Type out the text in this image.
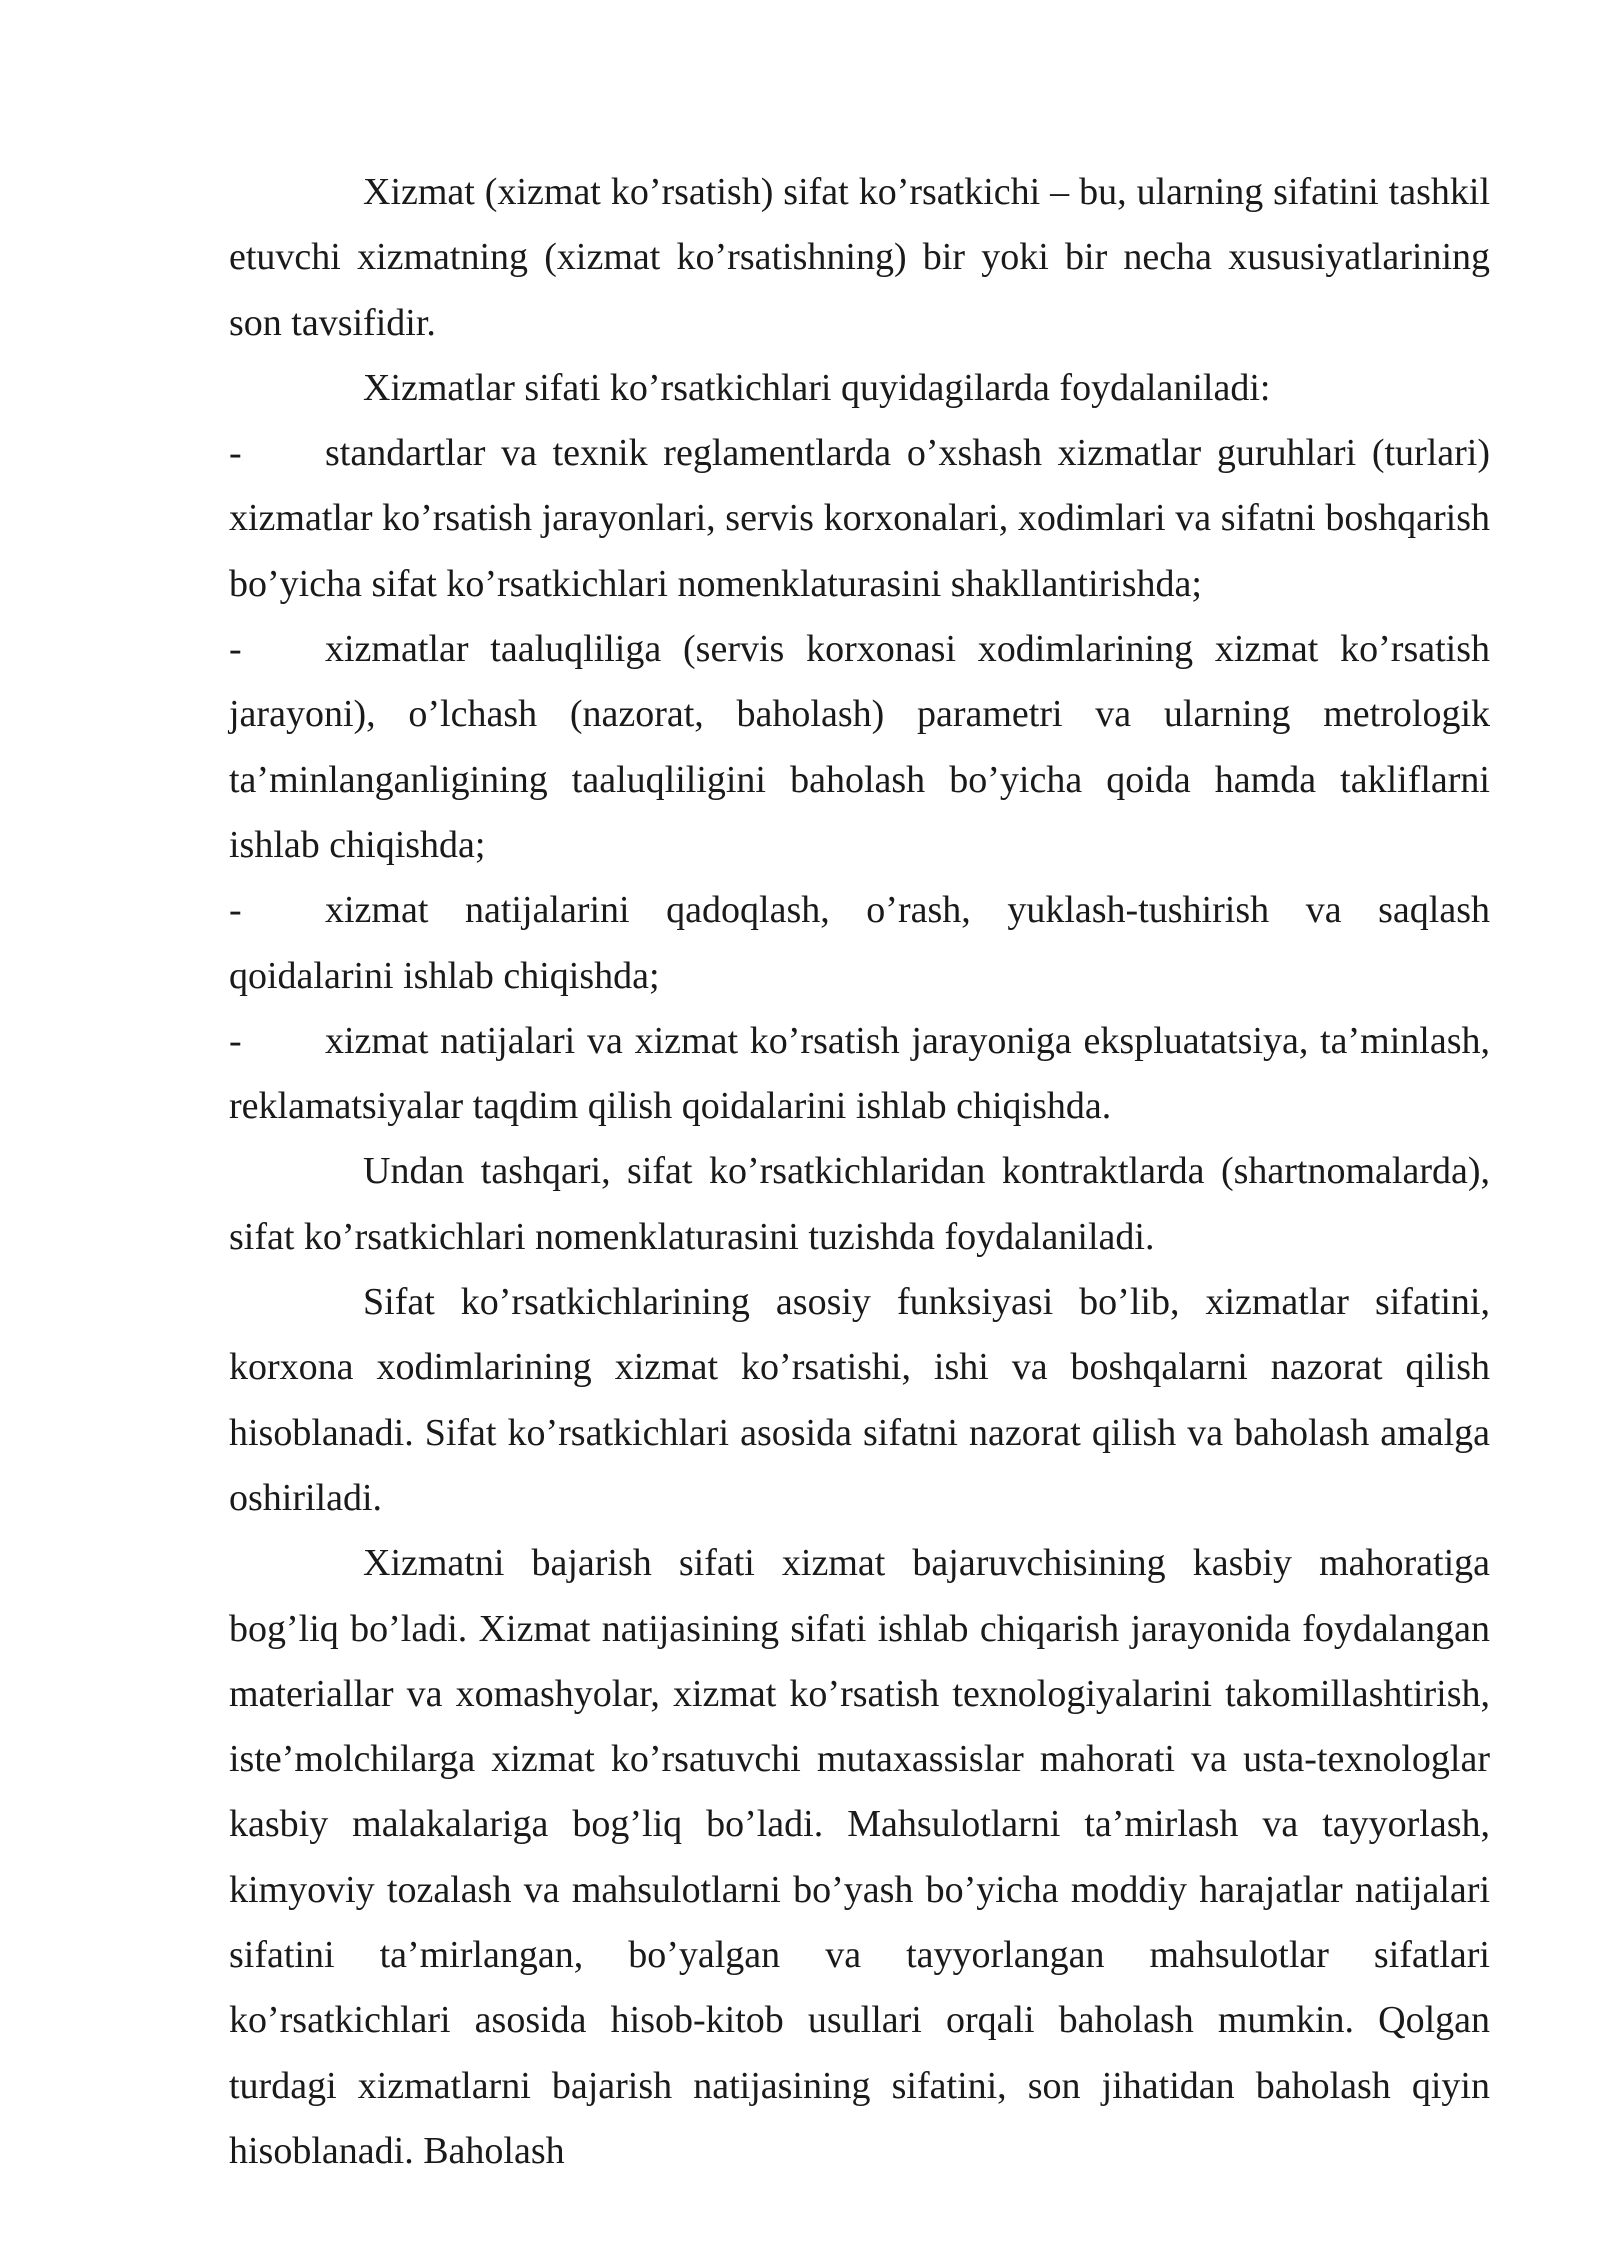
Xizmat (xizmat ko’rsatish) sifat ko’rsatkichi – bu, ularning sifatini tashkil etuvchi xizmatning (xizmat ko’rsatishning) bir yoki bir necha xususiyatlarining son tavsifidir.

Xizmatlar sifati ko’rsatkichlari quyidagilarda foydalaniladi:

- standartlar va texnik reglamentlarda o’xshash xizmatlar guruhlari (turlari) xizmatlar ko’rsatish jarayonlari, servis korxonalari, xodimlari va sifatni boshqarish bo’yicha sifat ko’rsatkichlari nomenklaturasini shakllantirishda;

- xizmatlar taaluqliliga (servis korxonasi xodimlarining xizmat ko’rsatish jarayoni), o’lchash (nazorat, baholash) parametri va ularning metrologik ta’minlanganligining taaluqliligini baholash bo’yicha qoida hamda takliflarni ishlab chiqishda;

- xizmat natijalarini qadoqlash, o’rash, yuklash-tushirish va saqlash qoidalarini ishlab chiqishda;

- xizmat natijalari va xizmat ko’rsatish jarayoniga ekspluatatsiya, ta’minlash, reklamatsiyalar taqdim qilish qoidalarini ishlab chiqishda.

Undan tashqari, sifat ko’rsatkichlaridan kontraktlarda (shartnomalarda), sifat ko’rsatkichlari nomenklaturasini tuzishda foydalaniladi.

Sifat ko’rsatkichlarining asosiy funksiyasi bo’lib, xizmatlar sifatini, korxona xodimlarining xizmat ko’rsatishi, ishi va boshqalarni nazorat qilish hisoblanadi. Sifat ko’rsatkichlari asosida sifatni nazorat qilish va baholash amalga oshiriladi.

Xizmatni bajarish sifati xizmat bajaruvchisining kasbiy mahoratiga bog’liq bo’ladi. Xizmat natijasining sifati ishlab chiqarish jarayonida foydalangan materiallar va xomashyolar, xizmat ko’rsatish texnologiyalarini takomillashtirish, iste’molchilarga xizmat ko’rsatuvchi mutaxassislar mahorati va usta-texnologlar kasbiy malakalariga bog’liq bo’ladi. Mahsulotlarni ta’mirlash va tayyorlash, kimyoviy tozalash va mahsulotlarni bo’yash bo’yicha moddiy harajatlar natijalari sifatini ta’mirlangan, bo’yalgan va tayyorlangan mahsulotlar sifatlari ko’rsatkichlari asosida hisob-kitob usullari orqali baholash mumkin. Qolgan turdagi xizmatlarni bajarish natijasining sifatini, son jihatidan baholash qiyin hisoblanadi. Baholash
